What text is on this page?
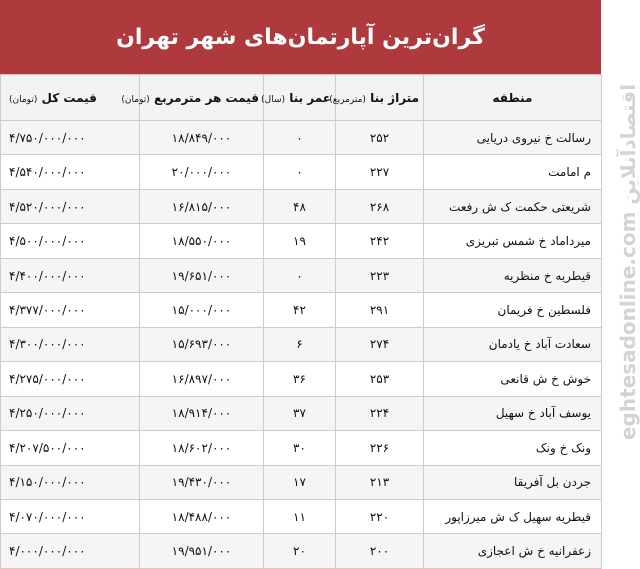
گران‌ترین آپارتمان‌های شهر تهران
منطقه	متراژ بنا (مترمربع)	عمر بنا (سال)	قیمت هر مترمربع (تومان)	قیمت کل (تومان)
رسالت خ نیروی دریایی	۲۵۲	۰	۱۸/۸۴۹/۰۰۰	۴/۷۵۰/۰۰۰/۰۰۰
م امامت	۲۲۷	۰	۲۰/۰۰۰/۰۰۰	۴/۵۴۰/۰۰۰/۰۰۰
شریعتی حکمت ک ش رفعت	۲۶۸	۴۸	۱۶/۸۱۵/۰۰۰	۴/۵۲۰/۰۰۰/۰۰۰
میرداماد خ شمس تبریزی	۲۴۲	۱۹	۱۸/۵۵۰/۰۰۰	۴/۵۰۰/۰۰۰/۰۰۰
قیطریه خ منظریه	۲۲۳	۰	۱۹/۶۵۱/۰۰۰	۴/۴۰۰/۰۰۰/۰۰۰
فلسطین خ فریمان	۲۹۱	۴۲	۱۵/۰۰۰/۰۰۰	۴/۳۷۷/۰۰۰/۰۰۰
سعادت آباد خ یادمان	۲۷۴	۶	۱۵/۶۹۳/۰۰۰	۴/۳۰۰/۰۰۰/۰۰۰
خوش خ ش قانعی	۲۵۳	۳۶	۱۶/۸۹۷/۰۰۰	۴/۲۷۵/۰۰۰/۰۰۰
یوسف آباد خ سهیل	۲۲۴	۳۷	۱۸/۹۱۴/۰۰۰	۴/۲۵۰/۰۰۰/۰۰۰
ونک خ ونک	۲۲۶	۳۰	۱۸/۶۰۲/۰۰۰	۴/۲۰۷/۵۰۰/۰۰۰
جردن بل آفریقا	۲۱۳	۱۷	۱۹/۴۳۰/۰۰۰	۴/۱۵۰/۰۰۰/۰۰۰
قیطریه سهیل ک ش میرزاپور	۲۲۰	۱۱	۱۸/۴۸۸/۰۰۰	۴/۰۷۰/۰۰۰/۰۰۰
زعفرانیه خ ش اعجازی	۲۰۰	۲۰	۱۹/۹۵۱/۰۰۰	۴/۰۰۰/۰۰۰/۰۰۰
eghtesadonline.com اقتصادآنلاین
